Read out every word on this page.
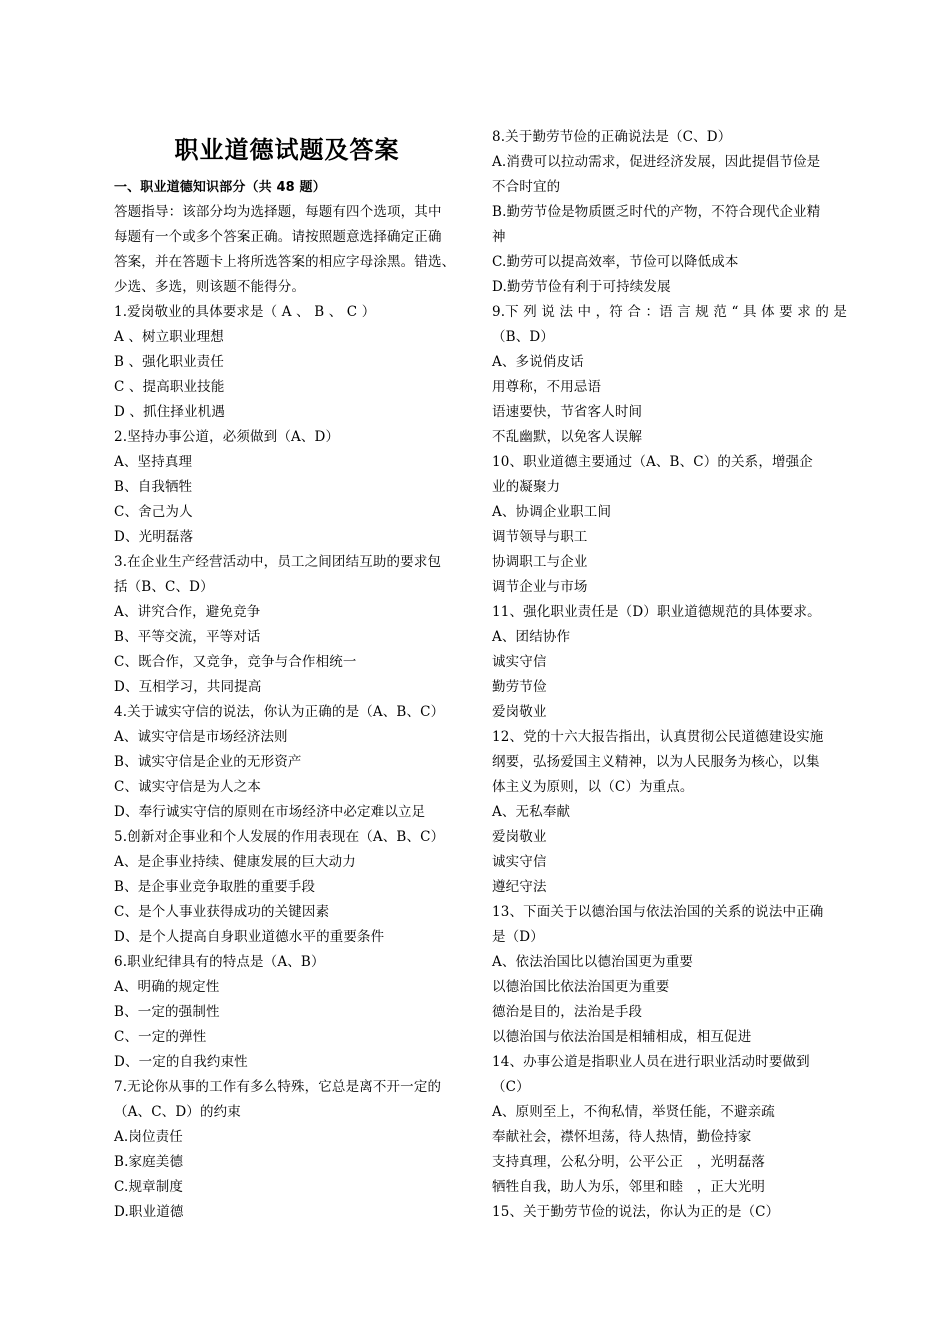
职业道德试题及答案
一、职业道德知识部分（共 48 题）
答题指导：该部分均为选择题，每题有四个选项，其中
每题有一个或多个答案正确。请按照题意选择确定正确
答案，并在答题卡上将所选答案的相应字母涂黑。错选、
少选、多选，则该题不能得分。
1.爱岗敬业的具体要求是（ A 、 B 、 C ）
A 、树立职业理想
B 、强化职业责任
C 、提高职业技能
D 、抓住择业机遇
2.坚持办事公道，必须做到（A、D）
A、坚持真理
B、自我牺牲
C、舍己为人
D、光明磊落
3.在企业生产经营活动中，员工之间团结互助的要求包
括（B、C、D）
A、讲究合作，避免竞争
B、平等交流，平等对话
C、既合作，又竞争，竞争与合作相统一
D、互相学习，共同提高
4.关于诚实守信的说法，你认为正确的是（A、B、C）
A、诚实守信是市场经济法则
B、诚实守信是企业的无形资产
C、诚实守信是为人之本
D、奉行诚实守信的原则在市场经济中必定难以立足
5.创新对企事业和个人发展的作用表现在（A、B、C）
A、是企事业持续、健康发展的巨大动力
B、是企事业竞争取胜的重要手段
C、是个人事业获得成功的关键因素
D、是个人提高自身职业道德水平的重要条件
6.职业纪律具有的特点是（A、B）
A、明确的规定性
B、一定的强制性
C、一定的弹性
D、一定的自我约束性
7.无论你从事的工作有多么特殊，它总是离不开一定的
（A、C、D）的约束
A.岗位责任
B.家庭美德
C.规章制度
D.职业道德
8.关于勤劳节俭的正确说法是（C、D）
A.消费可以拉动需求，促进经济发展，因此提倡节俭是
不合时宜的
B.勤劳节俭是物质匮乏时代的产物，不符合现代企业精
神
C.勤劳可以提高效率，节俭可以降低成本
D.勤劳节俭有利于可持续发展
9.下 列 说 法 中 ，符 合 ：语 言 规 范 “ 具 体 要 求 的 是
（B、D）
A、多说俏皮话
用尊称，不用忌语
语速要快，节省客人时间
不乱幽默，以免客人误解
10、职业道德主要通过（A、B、C）的关系，增强企
业的凝聚力
A、协调企业职工间
调节领导与职工
协调职工与企业
调节企业与市场
11、强化职业责任是（D）职业道德规范的具体要求。
A、团结协作
诚实守信
勤劳节俭
爱岗敬业
12、党的十六大报告指出，认真贯彻公民道德建设实施
纲要，弘扬爱国主义精神，以为人民服务为核心，以集
体主义为原则，以（C）为重点。
A、无私奉献
爱岗敬业
诚实守信
遵纪守法
13、下面关于以德治国与依法治国的关系的说法中正确
是（D）
A、依法治国比以德治国更为重要
以德治国比依法治国更为重要
德治是目的，法治是手段
以德治国与依法治国是相辅相成，相互促进
14、办事公道是指职业人员在进行职业活动时要做到
（C）
A、原则至上，不徇私情，举贤任能，不避亲疏
奉献社会，襟怀坦荡，待人热情，勤俭持家
支持真理，公私分明，公平公正　，光明磊落
牺牲自我，助人为乐，邻里和睦　，正大光明
15、关于勤劳节俭的说法，你认为正的是（C）
